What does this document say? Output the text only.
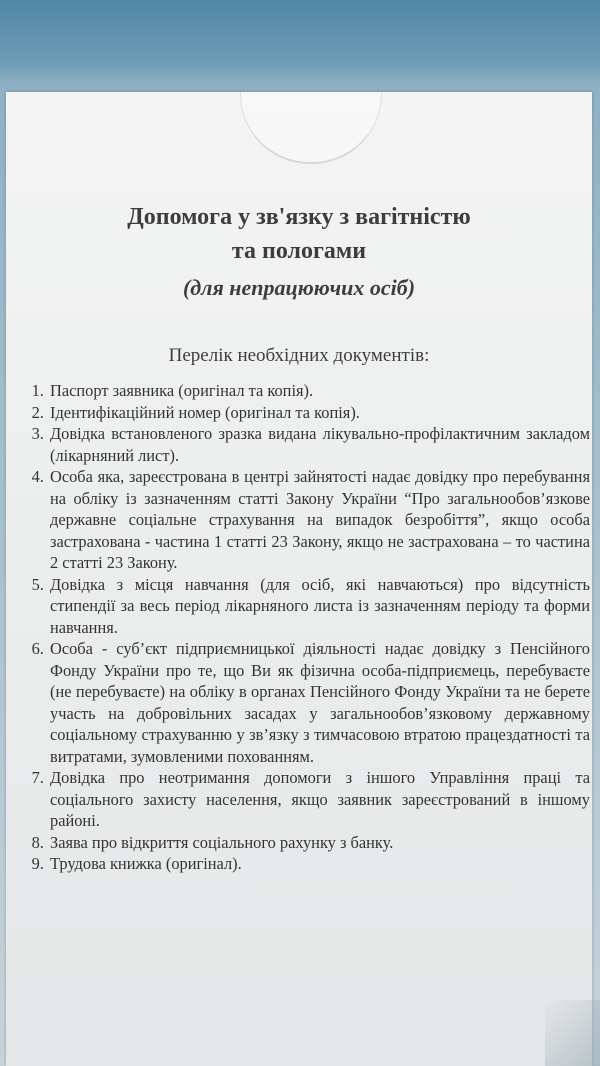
Допомога у зв'язку з вагітністю
та пологами
(для непрацюючих осіб)
Перелік необхідних документів:
1. Паспорт заявника (оригінал та копія).
2. Ідентифікаційний номер (оригінал та копія).
3. Довідка встановленого зразка видана лікувально-профілактичним закладом (лікарняний лист).
4. Особа яка, зареєстрована в центрі зайнятості надає довідку про перебування на обліку із зазначенням статті Закону України “Про загальнообов’язкове державне соціальне страхування на випадок безробіття”, якщо особа застрахована - частина 1 статті 23 Закону, якщо не застрахована – то частина 2 статті 23 Закону.
5. Довідка з місця навчання (для осіб, які навчаються) про відсутність стипендії за весь період лікарняного листа із зазначенням періоду та форми навчання.
6. Особа - суб’єкт підприємницької діяльності надає довідку з Пенсійного Фонду України про те, що Ви як фізична особа-підприємець, перебуваєте (не перебуваєте) на обліку в органах Пенсійного Фонду України та не берете участь на добровільних засадах у загальнообов’язковому державному соціальному страхуванню у зв’язку з тимчасовою втратою працездатності та витратами, зумовленими похованням.
7. Довідка про неотримання допомоги з іншого Управління праці та соціального захисту населення, якщо заявник зареєстрований в іншому районі.
8. Заява про відкриття соціального рахунку з банку.
9. Трудова книжка (оригінал).
